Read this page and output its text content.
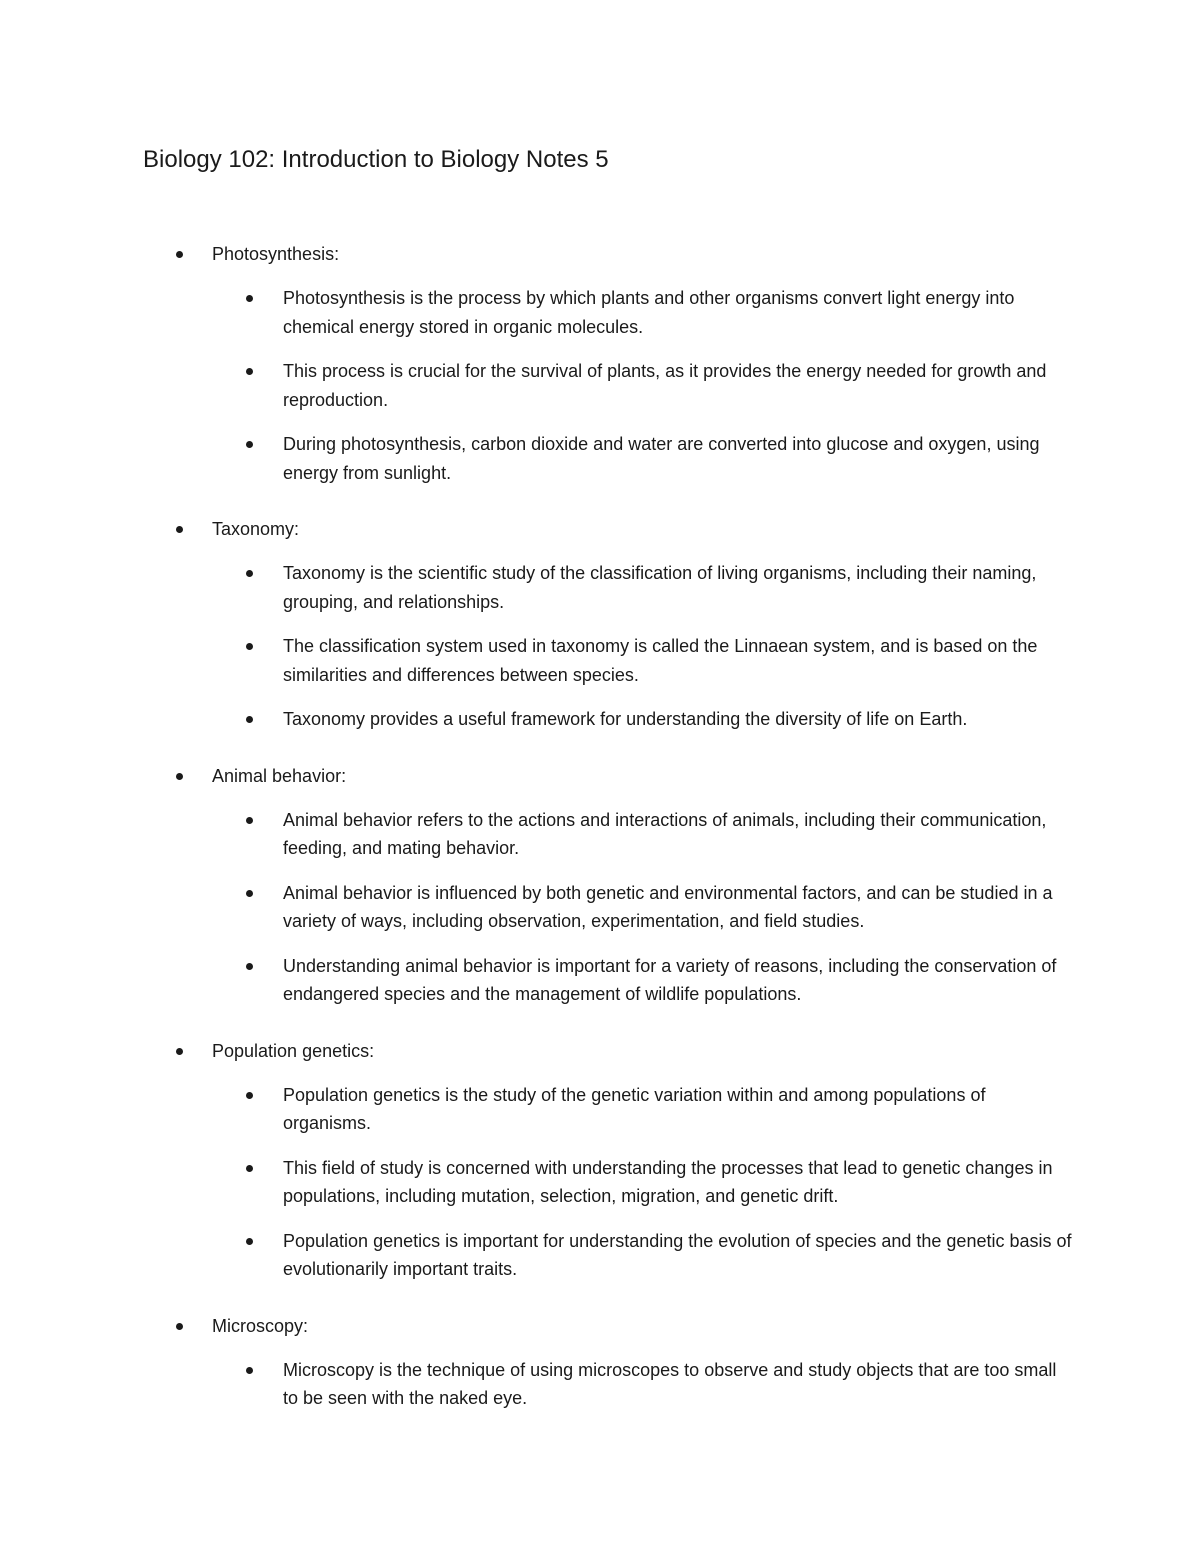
Biology 102: Introduction to Biology Notes 5
Photosynthesis:
Photosynthesis is the process by which plants and other organisms convert light energy into chemical energy stored in organic molecules.
This process is crucial for the survival of plants, as it provides the energy needed for growth and reproduction.
During photosynthesis, carbon dioxide and water are converted into glucose and oxygen, using energy from sunlight.
Taxonomy:
Taxonomy is the scientific study of the classification of living organisms, including their naming, grouping, and relationships.
The classification system used in taxonomy is called the Linnaean system, and is based on the similarities and differences between species.
Taxonomy provides a useful framework for understanding the diversity of life on Earth.
Animal behavior:
Animal behavior refers to the actions and interactions of animals, including their communication, feeding, and mating behavior.
Animal behavior is influenced by both genetic and environmental factors, and can be studied in a variety of ways, including observation, experimentation, and field studies.
Understanding animal behavior is important for a variety of reasons, including the conservation of endangered species and the management of wildlife populations.
Population genetics:
Population genetics is the study of the genetic variation within and among populations of organisms.
This field of study is concerned with understanding the processes that lead to genetic changes in populations, including mutation, selection, migration, and genetic drift.
Population genetics is important for understanding the evolution of species and the genetic basis of evolutionarily important traits.
Microscopy:
Microscopy is the technique of using microscopes to observe and study objects that are too small to be seen with the naked eye.
